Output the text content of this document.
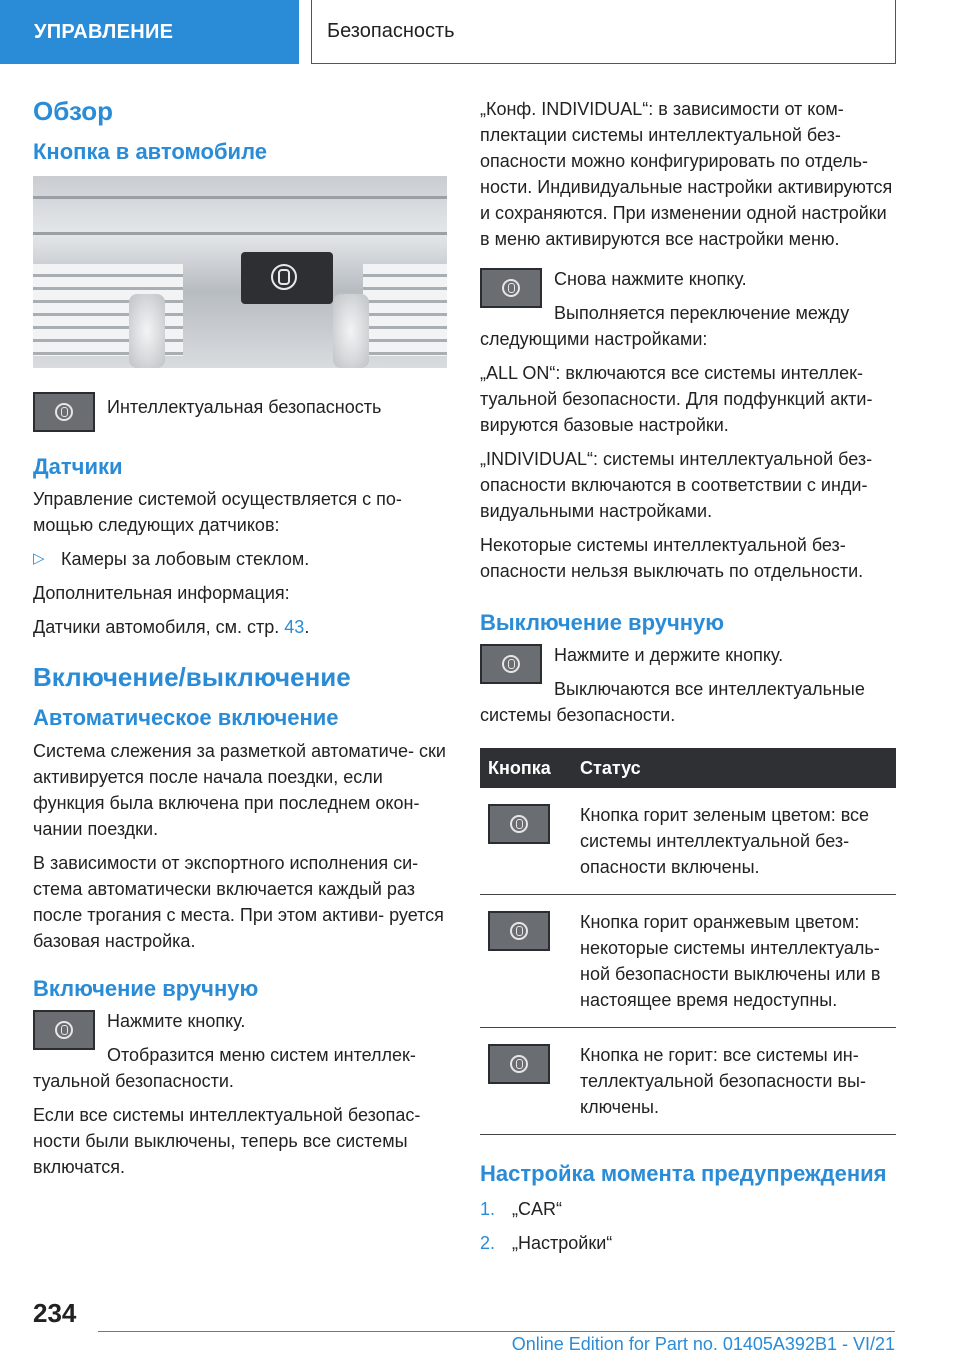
УПРАВЛЕНИЕ	Безопасность
Обзор
Кнопка в автомобиле

Интеллектуальная безопасность

Датчики

Управление системой осуществляется с по- мощью следующих датчиков:

▷ Камеры за лобовым стеклом.

Дополнительная информация:

Датчики автомобиля, см. стр. 43.

Включение/выключение
Автоматическое включение

Система слежения за разметкой автоматиче- ски активируется после начала поездки, если функция была включена при последнем окон- чании поездки.

В зависимости от экспортного исполнения си- стема автоматически включается каждый раз после трогания с места. При этом активи- руется базовая настройка.

Включение вручную

Нажмите кнопку.

Отобразится меню систем интеллек- туальной безопасности.

Если все системы интеллектуальной безопас- ности были выключены, теперь все системы включатся.

„Конф. INDIVIDUAL“: в зависимости от ком- плектации системы интеллектуальной без- опасности можно конфигурировать по отдель- ности. Индивидуальные настройки активируются и сохраняются. При изменении одной настройки в меню активируются все настройки меню.

Снова нажмите кнопку.

Выполняется переключение между следующими настройками:

„ALL ON“: включаются все системы интеллек- туальной безопасности. Для подфункций акти- вируются базовые настройки.

„INDIVIDUAL“: системы интеллектуальной без- опасности включаются в соответствии с инди- видуальными настройками.

Некоторые системы интеллектуальной без- опасности нельзя выключать по отдельности.

Выключение вручную

Нажмите и держите кнопку.

Выключаются все интеллектуальные системы безопасности.

Кнопка	Статус

	Кнопка горит зеленым цветом: все системы интеллектуальной без- опасности включены.

	Кнопка горит оранжевым цветом: некоторые системы интеллектуаль- ной безопасности выключены или в настоящее время недоступны.

	Кнопка не горит: все системы ин- теллектуальной безопасности вы- ключены.
Настройка момента предупреждения
1. „CAR“
2. „Настройки“
234
Online Edition for Part no. 01405A392B1 - VI/21
